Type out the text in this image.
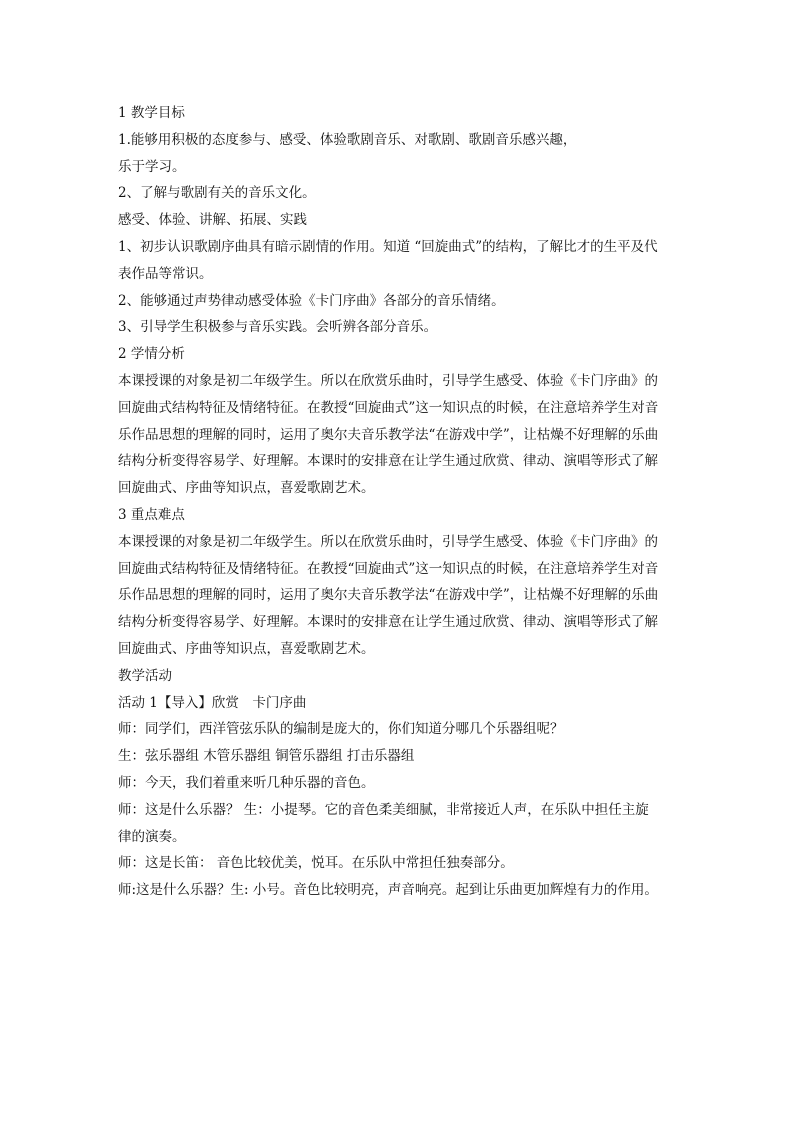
1 教学目标

1.能够用积极的态度参与、感受、体验歌剧音乐、对歌剧、歌剧音乐感兴趣，

乐于学习。

2、了解与歌剧有关的音乐文化。

感受、体验、讲解、拓展、实践

1、初步认识歌剧序曲具有暗示剧情的作用。知道 “回旋曲式”的结构，了解比才的生平及代

表作品等常识。

2、能够通过声势律动感受体验《卡门序曲》各部分的音乐情绪。

3、引导学生积极参与音乐实践。会听辨各部分音乐。

2 学情分析

本课授课的对象是初二年级学生。所以在欣赏乐曲时，引导学生感受、体验《卡门序曲》的

回旋曲式结构特征及情绪特征。在教授“回旋曲式”这一知识点的时候，在注意培养学生对音

乐作品思想的理解的同时，运用了奥尔夫音乐教学法“在游戏中学”，让枯燥不好理解的乐曲

结构分析变得容易学、好理解。本课时的安排意在让学生通过欣赏、律动、演唱等形式了解

回旋曲式、序曲等知识点，喜爱歌剧艺术。

3 重点难点

本课授课的对象是初二年级学生。所以在欣赏乐曲时，引导学生感受、体验《卡门序曲》的

回旋曲式结构特征及情绪特征。在教授“回旋曲式”这一知识点的时候，在注意培养学生对音

乐作品思想的理解的同时，运用了奥尔夫音乐教学法“在游戏中学”，让枯燥不好理解的乐曲

结构分析变得容易学、好理解。本课时的安排意在让学生通过欣赏、律动、演唱等形式了解

回旋曲式、序曲等知识点，喜爱歌剧艺术。

教学活动

活动 1【导入】欣赏　卡门序曲

师：同学们，西洋管弦乐队的编制是庞大的，你们知道分哪几个乐器组呢？

生：弦乐器组 木管乐器组 铜管乐器组 打击乐器组

师：今天，我们着重来听几种乐器的音色。

师：这是什么乐器？ 生：小提琴。它的音色柔美细腻，非常接近人声，在乐队中担任主旋

律的演奏。

师：这是长笛： 音色比较优美，悦耳。在乐队中常担任独奏部分。

师:这是什么乐器？生: 小号。音色比较明亮，声音响亮。起到让乐曲更加辉煌有力的作用。
